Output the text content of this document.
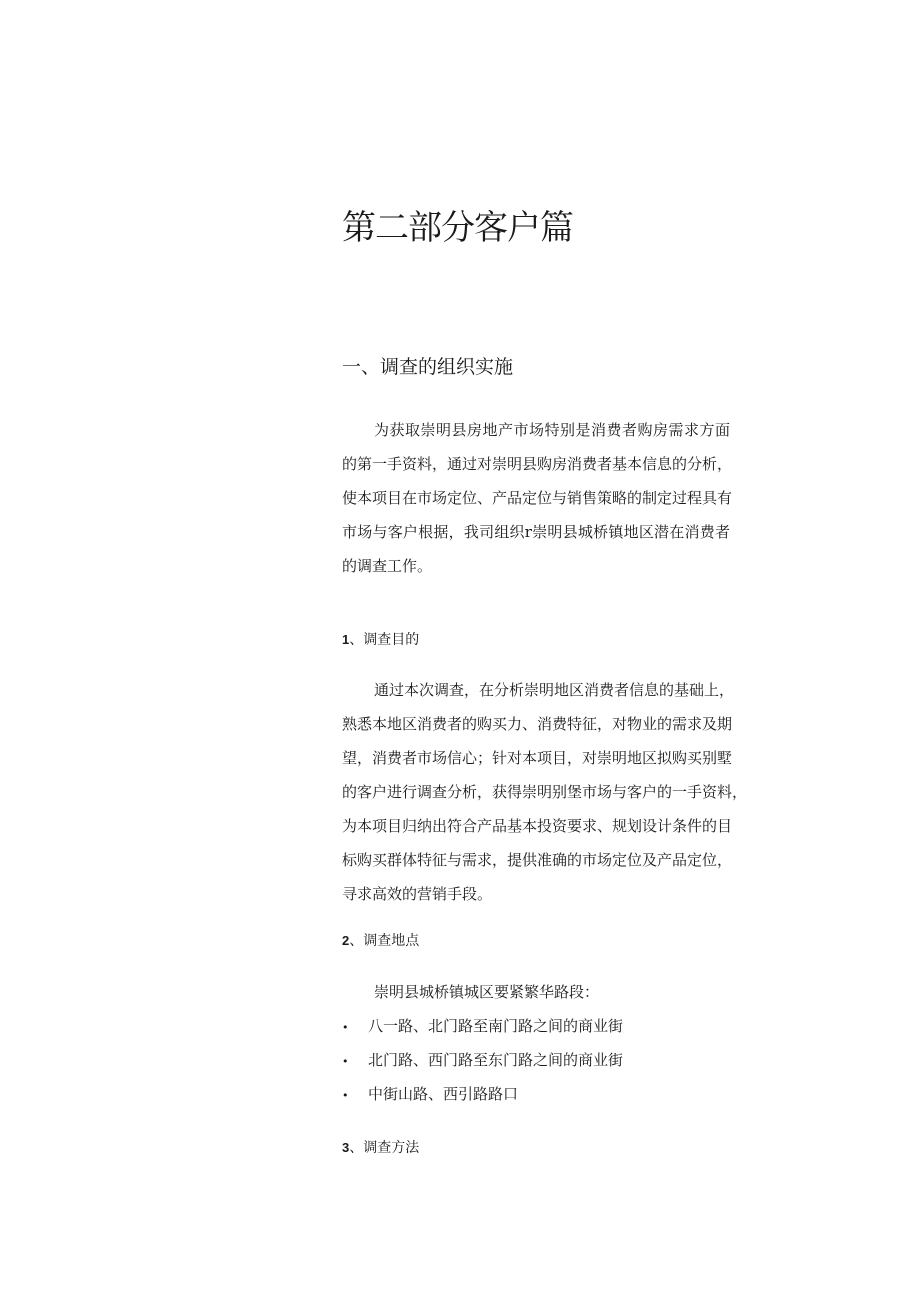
第二部分客户篇
一、调查的组织实施
为获取崇明县房地产市场特别是消费者购房需求方面
的第一手资料，通过对崇明县购房消费者基本信息的分析，
使本项目在市场定位、产品定位与销售策略的制定过程具有
市场与客户根据，我司组织r崇明县城桥镇地区潜在消费者
的调查工作。
1、调查目的
通过本次调查，在分析崇明地区消费者信息的基础上，
熟悉本地区消费者的购买力、消费特征，对物业的需求及期
望，消费者市场信心；针对本项目，对崇明地区拟购买别墅
的客户进行调查分析，获得崇明别堡市场与客户的一手资料，
为本项目归纳出符合产品基本投资要求、规划设计条件的目
标购买群体特征与需求，提供准确的市场定位及产品定位，
寻求高效的营销手段。
2、调查地点
崇明县城桥镇城区要紧繁华路段：
• 八一路、北门路至南门路之间的商业街
• 北门路、西门路至东门路之间的商业街
• 中街山路、西引路路口
3、调查方法
